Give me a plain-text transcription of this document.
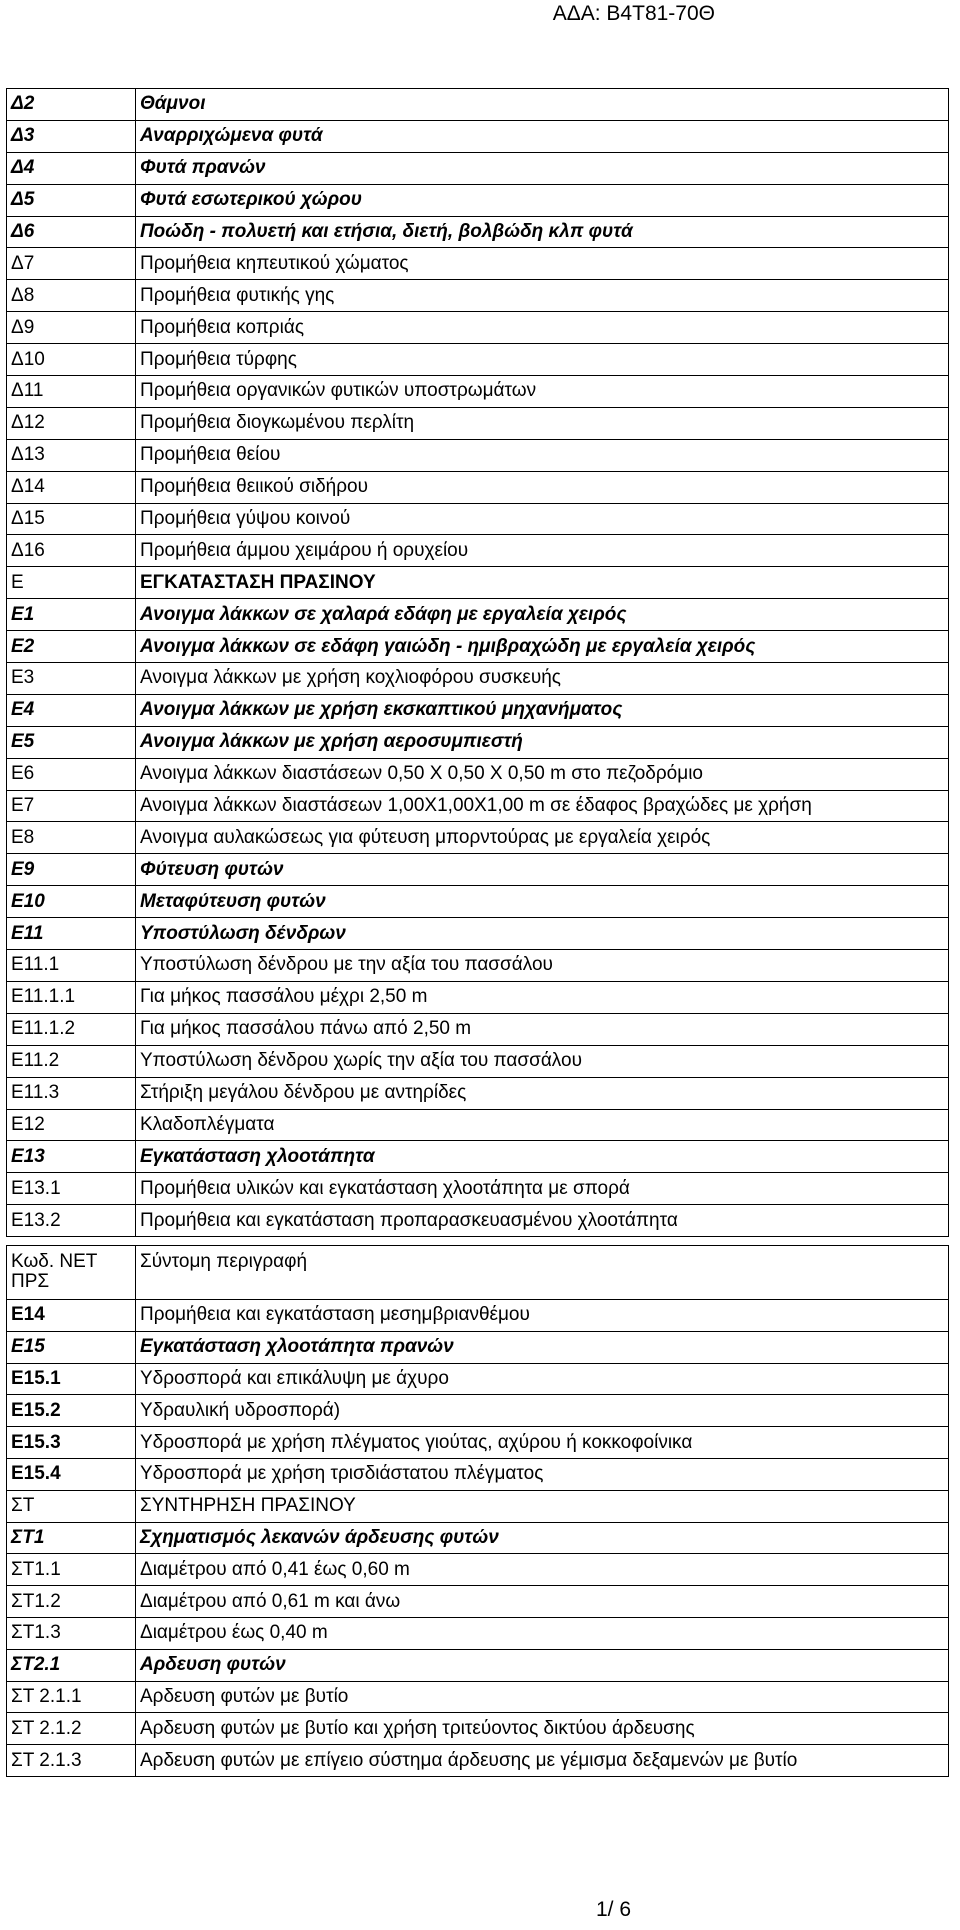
ΑΔΑ: Β4Τ81-70Θ
Δ2	Θάμνοι
Δ3	Αναρριχώμενα φυτά
Δ4	Φυτά πρανών
Δ5	Φυτά εσωτερικού χώρου
Δ6	Ποώδη - πολυετή και ετήσια, διετή, βολβώδη κλπ φυτά
Δ7	Προμήθεια κηπευτικού χώματος
Δ8	Προμήθεια φυτικής γης
Δ9	Προμήθεια κοπριάς
Δ10	Προμήθεια τύρφης
Δ11	Προμήθεια οργανικών φυτικών υποστρωμάτων
Δ12	Προμήθεια διογκωμένου περλίτη
Δ13	Προμήθεια θείου
Δ14	Προμήθεια θειικού σιδήρου
Δ15	Προμήθεια γύψου κοινού
Δ16	Προμήθεια άμμου χειμάρου ή ορυχείου
Ε	ΕΓΚΑΤΑΣΤΑΣΗ ΠΡΑΣΙΝΟΥ
Ε1	Ανοιγμα λάκκων σε χαλαρά εδάφη με εργαλεία χειρός
Ε2	Ανοιγμα λάκκων σε εδάφη γαιώδη - ημιβραχώδη με εργαλεία χειρός
Ε3	Ανοιγμα λάκκων με χρήση κοχλιοφόρου συσκευής
Ε4	Ανοιγμα λάκκων με χρήση εκσκαπτικού μηχανήματος
Ε5	Ανοιγμα λάκκων με χρήση αεροσυμπιεστή
Ε6	Ανοιγμα λάκκων διαστάσεων 0,50 Χ 0,50 Χ 0,50 m στο πεζοδρόμιο
Ε7	Ανοιγμα λάκκων διαστάσεων 1,00Χ1,00Χ1,00 m σε έδαφος βραχώδες με χρήση
Ε8	Ανοιγμα αυλακώσεως για φύτευση μπορντούρας με εργαλεία χειρός
Ε9	Φύτευση φυτών
Ε10	Μεταφύτευση φυτών
Ε11	Υποστύλωση δένδρων
Ε11.1	Υποστύλωση δένδρου με την αξία του πασσάλου
Ε11.1.1	Για μήκος πασσάλου μέχρι 2,50 m
Ε11.1.2	Για μήκος πασσάλου πάνω από 2,50 m
Ε11.2	Υποστύλωση δένδρου χωρίς την αξία του πασσάλου
Ε11.3	Στήριξη μεγάλου δένδρου με αντηρίδες
Ε12	Κλαδοπλέγματα
Ε13	Εγκατάσταση χλοοτάπητα
Ε13.1	Προμήθεια υλικών και εγκατάσταση χλοοτάπητα με σπορά
Ε13.2	Προμήθεια και εγκατάσταση προπαρασκευασμένου χλοοτάπητα
Κωδ. ΝΕΤ ΠΡΣ	Σύντομη περιγραφή
Ε14	Προμήθεια και εγκατάσταση μεσημβριανθέμου
Ε15	Εγκατάσταση χλοοτάπητα πρανών
Ε15.1	Υδροσπορά και επικάλυψη με άχυρο
Ε15.2	Υδραυλική υδροσπορά)
Ε15.3	Υδροσπορά με χρήση πλέγματος γιούτας, αχύρου ή κοκκοφοίνικα
Ε15.4	Υδροσπορά με χρήση τρισδιάστατου πλέγματος
ΣΤ	ΣΥΝΤΗΡΗΣΗ ΠΡΑΣΙΝΟΥ
ΣΤ1	Σχηματισμός λεκανών άρδευσης φυτών
ΣΤ1.1	Διαμέτρου από 0,41 έως 0,60 m
ΣΤ1.2	Διαμέτρου από 0,61 m και άνω
ΣΤ1.3	Διαμέτρου έως 0,40 m
ΣΤ2.1	Αρδευση φυτών
ΣΤ 2.1.1	Αρδευση φυτών με βυτίο
ΣΤ 2.1.2	Αρδευση φυτών με βυτίο και χρήση τριτεύοντος δικτύου άρδευσης
ΣΤ 2.1.3	Αρδευση φυτών με επίγειο σύστημα άρδευσης με γέμισμα δεξαμενών με βυτίο
1/ 6
